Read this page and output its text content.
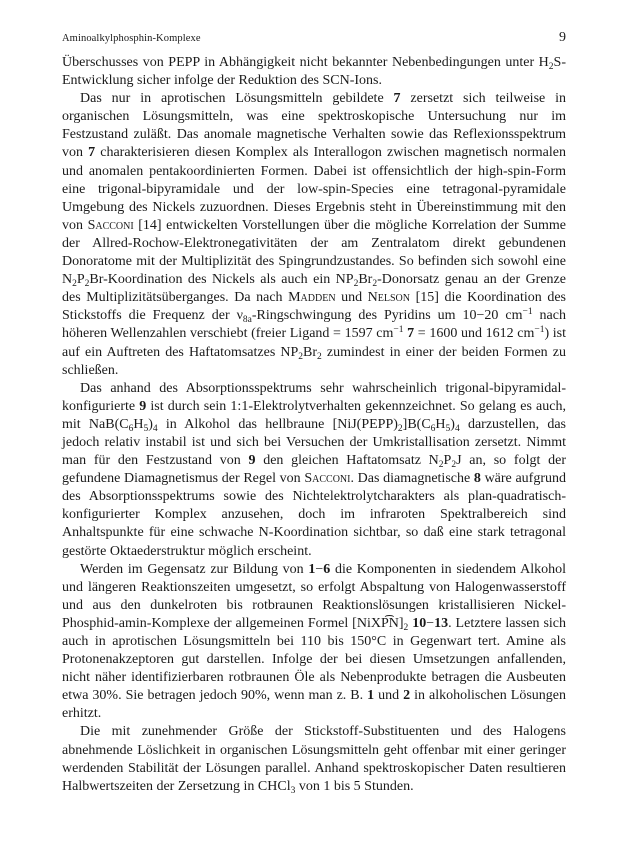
Aminoalkylphosphin-Komplexe	9

Überschusses von PEPP in Abhängigkeit nicht bekannter Nebenbedingungen unter $H_2S$-Entwicklung sicher infolge der Reduktion des SCN-Ions.

Das nur in aprotischen Lösungsmitteln gebildete 7 zersetzt sich teilweise in organischen Lösungsmitteln, was eine spektroskopische Untersuchung nur im Festzustand zuläßt. Das anomale magnetische Verhalten sowie das Reflexionsspektrum von 7 charakterisieren diesen Komplex als Interallogon zwischen magnetisch normalen und anomalen pentakoordinierten Formen. Dabei ist offensichtlich der high-spin-Form eine trigonal-bipyramidale und der low-spin-Species eine tetragonal-pyramidale Umgebung des Nickels zuzuordnen. Dieses Ergebnis steht in Übereinstimmung mit den von Sacconi [14] entwickelten Vorstellungen über die mögliche Korrelation der Summe der Allred-Rochow-Elektronegativitäten der am Zentralatom direkt gebundenen Donoratome mit der Multiplizität des Spingrundzustandes. So befinden sich sowohl eine $N_2P_2Br$-Koordination des Nickels als auch ein $NP_2Br_2$-Donorsatz genau an der Grenze des Multiplizitätsüberganges. Da nach Madden und Nelson [15] die Koordination des Stickstoffs die Frequenz der $\nu_{8a}$-Ringschwingung des Pyridins um 10−20 $cm^{-1}$ nach höheren Wellenzahlen verschiebt (freier Ligand = 1597 $cm^{-1}$ 7 = 1600 und 1612 $cm^{-1}$) ist auf ein Auftreten des Haftatomsatzes $NP_2Br_2$ zumindest in einer der beiden Formen zu schließen.

Das anhand des Absorptionsspektrums sehr wahrscheinlich trigonal-bipyramidal-konfigurierte 9 ist durch sein 1:1-Elektrolytverhalten gekennzeichnet. So gelang es auch, mit $NaB(C_6H_5)_4$ in Alkohol das hellbraune $[NiJ(PEPP)_2]B(C_6H_5)_4$ darzustellen, das jedoch relativ instabil ist und sich bei Versuchen der Umkristallisation zersetzt. Nimmt man für den Festzustand von 9 den gleichen Haftatomsatz $N_2P_2J$ an, so folgt der gefundene Diamagnetismus der Regel von Sacconi. Das diamagnetische 8 wäre aufgrund des Absorptionsspektrums sowie des Nichtelektrolytcharakters als plan-quadratisch-konfigurierter Komplex anzusehen, doch im infraroten Spektralbereich sind Anhaltspunkte für eine schwache N-Koordination sichtbar, so daß eine stark tetragonal gestörte Oktaederstruktur möglich erscheint.

Werden im Gegensatz zur Bildung von 1−6 die Komponenten in siedendem Alkohol und längeren Reaktionszeiten umgesetzt, so erfolgt Abspaltung von Halogenwasserstoff und aus den dunkelroten bis rotbraunen Reaktionslösungen kristallisieren Nickel-Phosphid-amin-Komplexe der allgemeinen Formel $[NiXP͡N]_2$ 10−13. Letztere lassen sich auch in aprotischen Lösungsmitteln bei 110 bis 150°C in Gegenwart tert. Amine als Protonenakzeptoren gut darstellen. Infolge der bei diesen Umsetzungen anfallenden, nicht näher identifizierbaren rotbraunen Öle als Nebenprodukte betragen die Ausbeuten etwa 30%. Sie betragen jedoch 90%, wenn man z. B. 1 und 2 in alkoholischen Lösungen erhitzt.

Die mit zunehmender Größe der Stickstoff-Substituenten und des Halogens abnehmende Löslichkeit in organischen Lösungsmitteln geht offenbar mit einer geringer werdenden Stabilität der Lösungen parallel. Anhand spektroskopischer Daten resultieren Halbwertszeiten der Zersetzung in CHCl$_3$ von 1 bis 5 Stunden.
